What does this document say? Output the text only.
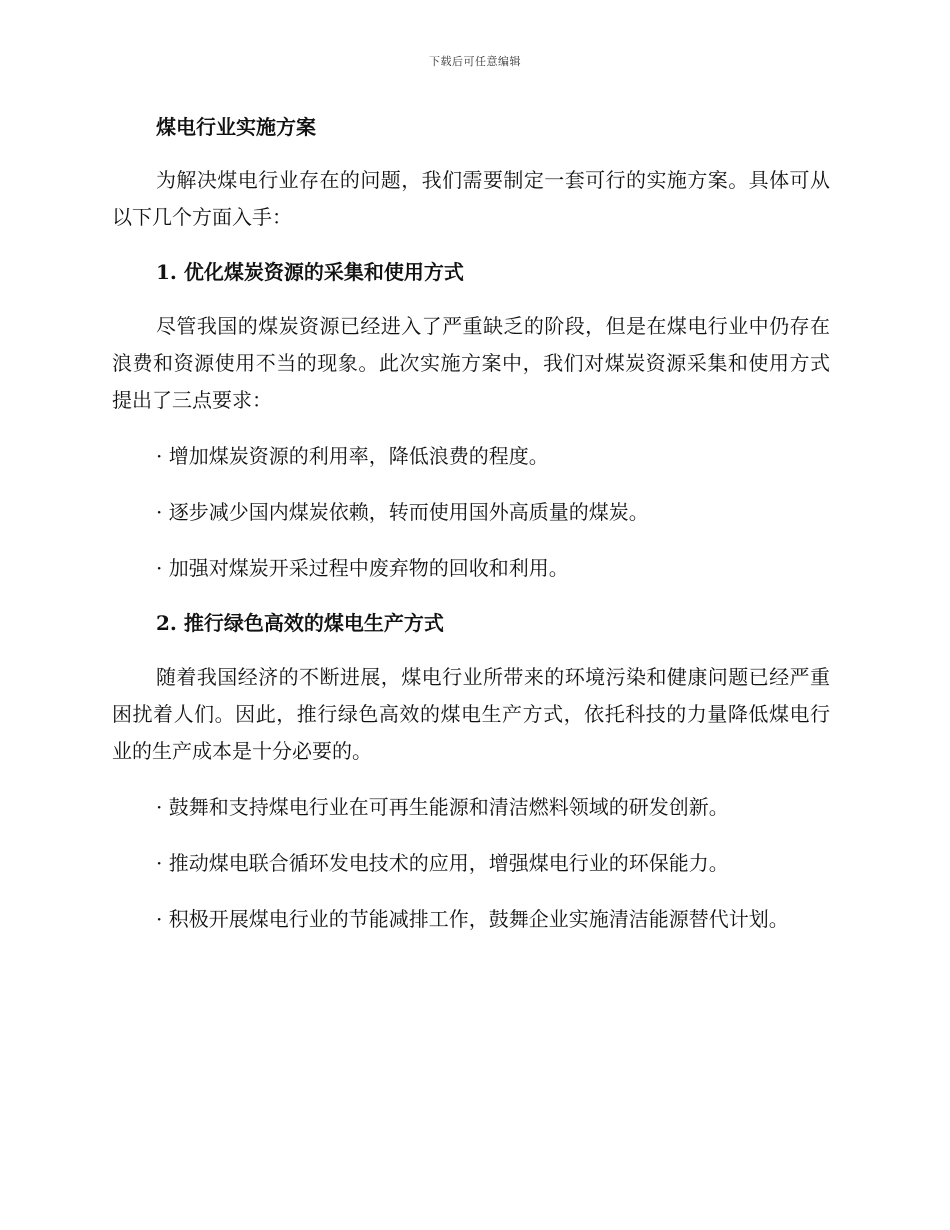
下载后可任意编辑
煤电行业实施方案

为解决煤电行业存在的问题，我们需要制定一套可行的实施方案。具体可从以下几个方面入手：

1. 优化煤炭资源的采集和使用方式

尽管我国的煤炭资源已经进入了严重缺乏的阶段，但是在煤电行业中仍存在浪费和资源使用不当的现象。此次实施方案中，我们对煤炭资源采集和使用方式提出了三点要求：

· 增加煤炭资源的利用率，降低浪费的程度。

· 逐步减少国内煤炭依赖，转而使用国外高质量的煤炭。

· 加强对煤炭开采过程中废弃物的回收和利用。

2. 推行绿色高效的煤电生产方式

随着我国经济的不断进展，煤电行业所带来的环境污染和健康问题已经严重困扰着人们。因此，推行绿色高效的煤电生产方式，依托科技的力量降低煤电行业的生产成本是十分必要的。

· 鼓舞和支持煤电行业在可再生能源和清洁燃料领域的研发创新。

· 推动煤电联合循环发电技术的应用，增强煤电行业的环保能力。

· 积极开展煤电行业的节能减排工作，鼓舞企业实施清洁能源替代计划。
